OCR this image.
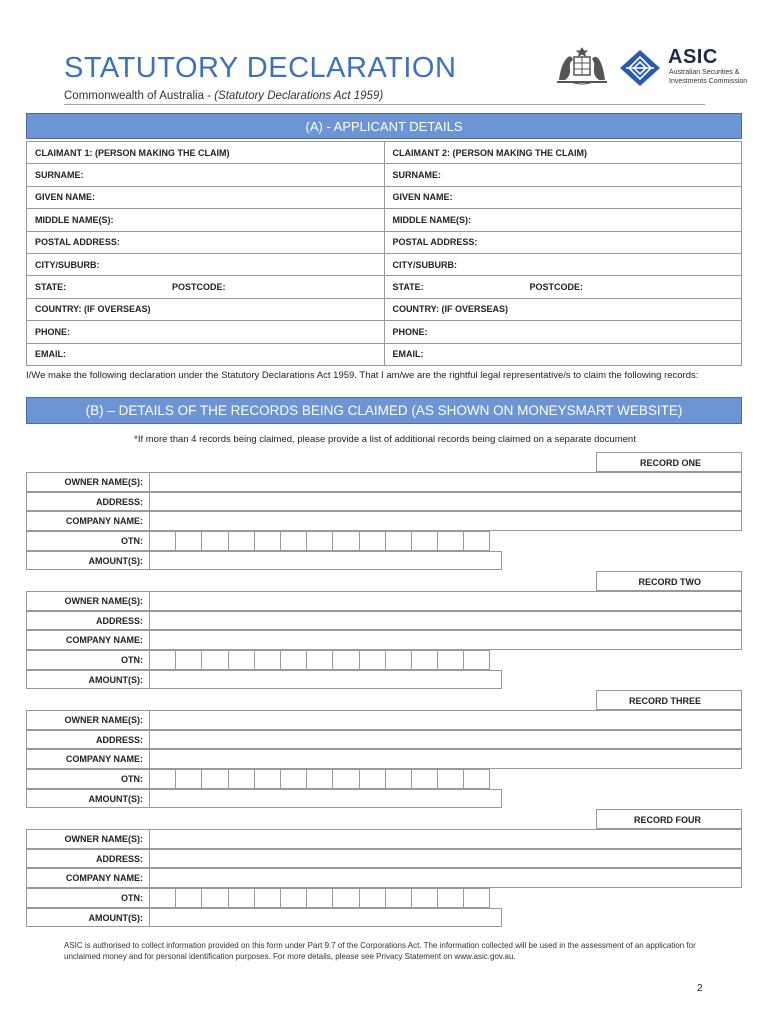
STATUTORY DECLARATION
Commonwealth of Australia - (Statutory Declarations Act 1959)
ASIC
Australian Securities & Investments Commission
(A) - APPLICANT DETAILS
CLAIMANT 1: (PERSON MAKING THE CLAIM)	CLAIMANT 2: (PERSON MAKING THE CLAIM)
SURNAME:	SURNAME:
GIVEN NAME:	GIVEN NAME:
MIDDLE NAME(S):	MIDDLE NAME(S):
POSTAL ADDRESS:	POSTAL ADDRESS:
CITY/SUBURB:	CITY/SUBURB:
STATE: POSTCODE:	STATE: POSTCODE:

COUNTRY: (IF OVERSEAS)	COUNTRY: (IF OVERSEAS)
PHONE:	PHONE:
EMAIL:	EMAIL:
I/We make the following declaration under the Statutory Declarations Act 1959. That I am/we are the rightful legal representative/s to claim the following records:
(B) – DETAILS OF THE RECORDS BEING CLAIMED (AS SHOWN ON MONEYSMART WEBSITE)
*If more than 4 records being claimed, please provide a list of additional records being claimed on a separate document
RECORD ONE
OWNER NAME(S):
ADDRESS:
COMPANY NAME:
OTN:
AMOUNT(S):
RECORD TWO
OWNER NAME(S):
ADDRESS:
COMPANY NAME:
OTN:
AMOUNT(S):
RECORD THREE
OWNER NAME(S):
ADDRESS:
COMPANY NAME:
OTN:
AMOUNT(S):
RECORD FOUR
OWNER NAME(S):
ADDRESS:
COMPANY NAME:
OTN:
AMOUNT(S):
ASIC is authorised to collect information provided on this form under Part 9.7 of the Corporations Act. The information collected will be used in the assessment of an application for unclaimed money and for personal identification purposes. For more details, please see Privacy Statement on www.asic.gov.au.
2
